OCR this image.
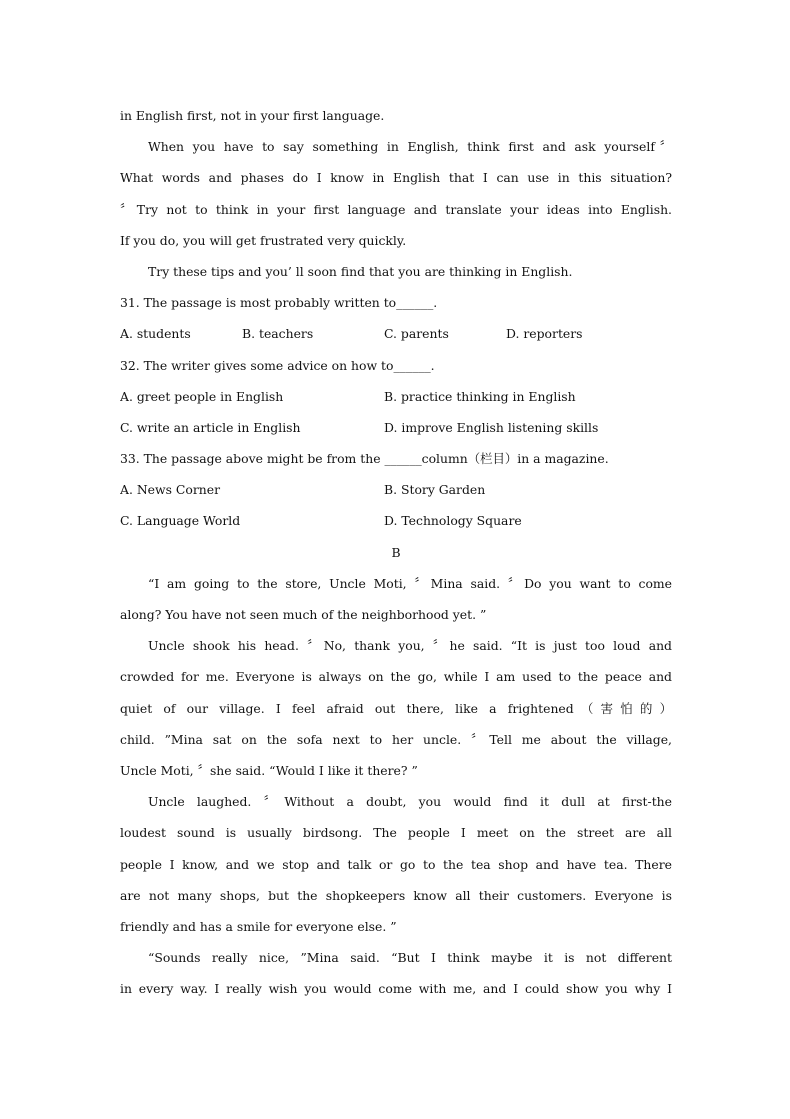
in English first, not in your first language.
When you have to say something in English, think first and ask yourself〞
What words and phases do I know in English that I can use in this situation?
〞Try not to think in your first language and translate your ideas into English.
If you do, you will get frustrated very quickly.
Try these tips and you’ ll soon find that you are thinking in English.
31. The passage is most probably written to______.
A. students	B. teachers	C. parents	D. reporters
32. The writer gives some advice on how to______.
A. greet people in English	B. practice thinking in English
C. write an article in English	D. improve English listening skills
33. The passage above might be from the ______column（栏目）in a magazine.
A. News Corner	B. Story Garden
C. Language World	D. Technology Square
B
“I am going to the store, Uncle Moti, 〞Mina said. 〞Do you want to come
along? You have not seen much of the neighborhood yet. ”
Uncle shook his head. 〞No, thank you, 〞he said. “It is just too loud and
crowded for me. Everyone is always on the go, while I am used to the peace and
quiet of our village. I feel afraid out there, like a frightened（害怕的）
child. ”Mina sat on the sofa next to her uncle. 〞Tell me about the village,
Uncle Moti, 〞she said. “Would I like it there? ”
Uncle laughed. 〞Without a doubt, you would find it dull at first-the
loudest sound is usually birdsong. The people I meet on the street are all
people I know, and we stop and talk or go to the tea shop and have tea. There
are not many shops, but the shopkeepers know all their customers. Everyone is
friendly and has a smile for everyone else. ”
“Sounds really nice, ”Mina said. “But I think maybe it is not different
in every way. I really wish you would come with me, and I could show you why I
